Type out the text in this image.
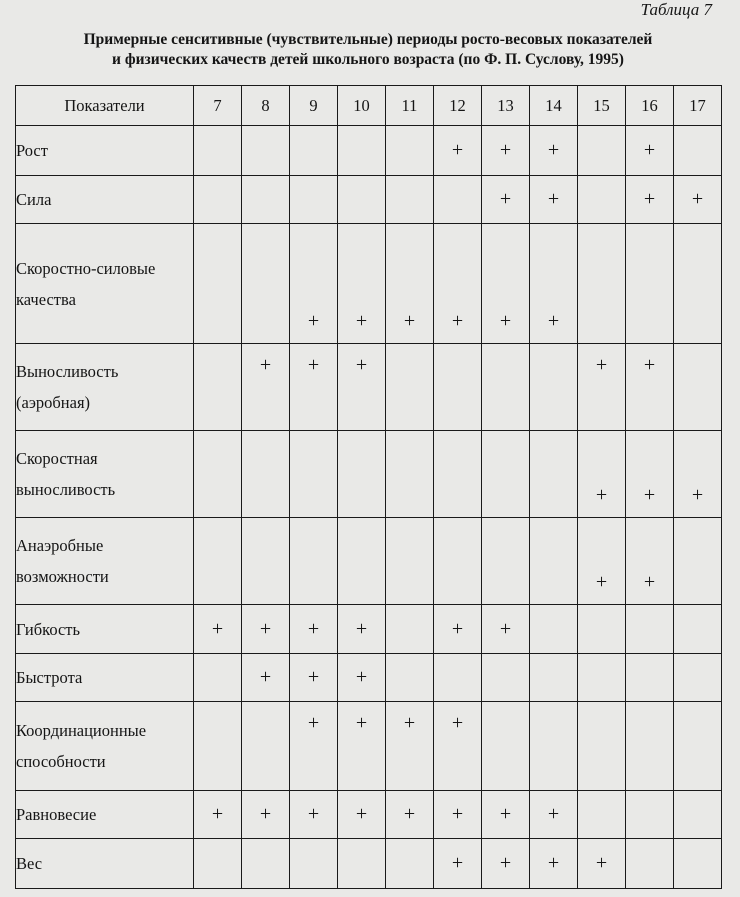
Таблица 7
Примерные сенситивные (чувствительные) периоды росто-весовых показателей
и физических качеств детей школьного возраста (по Ф. П. Суслову, 1995)
Показатели	7	8	9	10	11	12	13	14	15	16	17
Рост						+	+	+		+	
Сила							+	+		+	+
Скоростно-силовые качества			+	+	+	+	+	+			
Выносливость (аэробная)		+	+	+					+	+	
Скоростная выносливость									+	+	+
Анаэробные возможности									+	+	
Гибкость	+	+	+	+		+	+				
Быстрота		+	+	+							
Координационные способности			+	+	+	+					
Равновесие	+	+	+	+	+	+	+	+			
Вес						+	+	+	+		
